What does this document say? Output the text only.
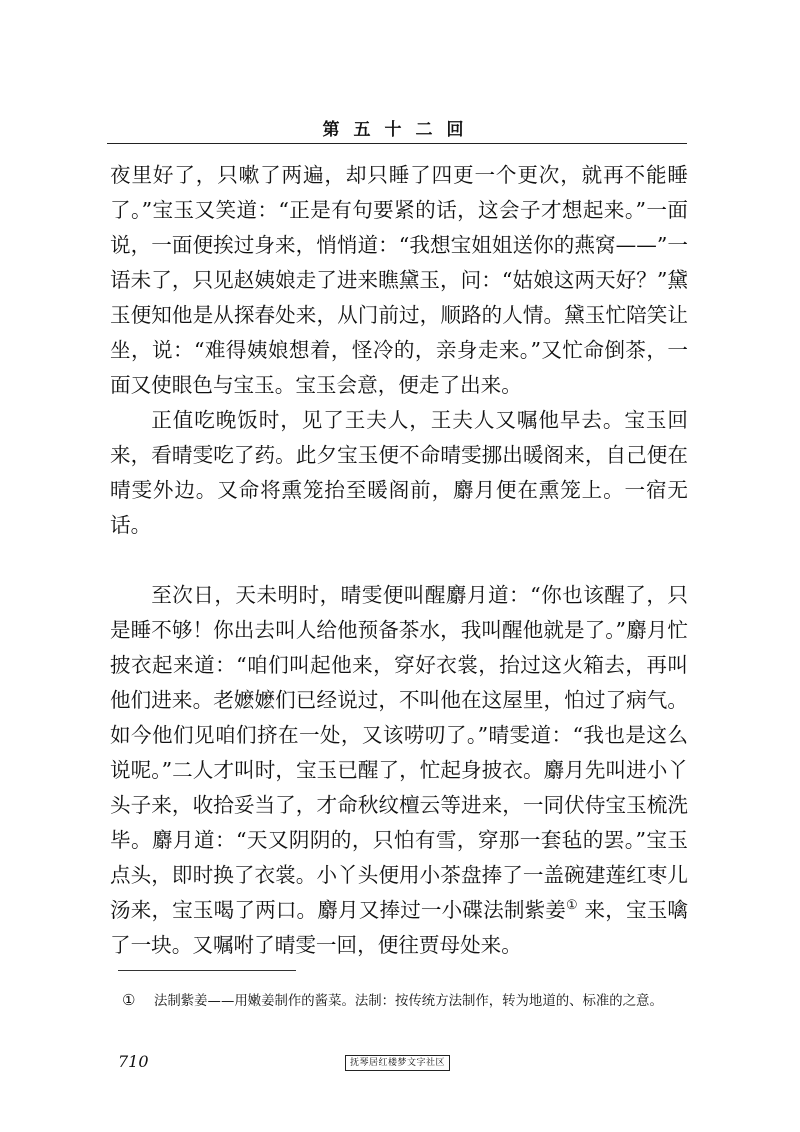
第五十二回

夜里好了，只嗽了两遍，却只睡了四更一个更次，就再不能睡了。”宝玉又笑道：“正是有句要紧的话，这会子才想起来。”一面说，一面便挨过身来，悄悄道：“我想宝姐姐送你的燕窝——”一语未了，只见赵姨娘走了进来瞧黛玉，问：“姑娘这两天好？”黛玉便知他是从探春处来，从门前过，顺路的人情。黛玉忙陪笑让坐，说：“难得姨娘想着，怪冷的，亲身走来。”又忙命倒茶，一面又使眼色与宝玉。宝玉会意，便走了出来。

正值吃晚饭时，见了王夫人，王夫人又嘱他早去。宝玉回来，看晴雯吃了药。此夕宝玉便不命晴雯挪出暖阁来，自己便在晴雯外边。又命将熏笼抬至暖阁前，麝月便在熏笼上。一宿无话。

至次日，天未明时，晴雯便叫醒麝月道：“你也该醒了，只是睡不够！你出去叫人给他预备茶水，我叫醒他就是了。”麝月忙披衣起来道：“咱们叫起他来，穿好衣裳，抬过这火箱去，再叫他们进来。老嬷嬷们已经说过，不叫他在这屋里，怕过了病气。如今他们见咱们挤在一处，又该唠叨了。”晴雯道：“我也是这么说呢。”二人才叫时，宝玉已醒了，忙起身披衣。麝月先叫进小丫头子来，收拾妥当了，才命秋纹檀云等进来，一同伏侍宝玉梳洗毕。麝月道：“天又阴阴的，只怕有雪，穿那一套毡的罢。”宝玉点头，即时换了衣裳。小丫头便用小茶盘捧了一盖碗建莲红枣儿汤来，宝玉喝了两口。麝月又捧过一小碟法制紫姜① 来，宝玉噙了一块。又嘱咐了晴雯一回，便往贾母处来。

① 法制紫姜——用嫩姜制作的酱菜。法制：按传统方法制作，转为地道的、标准的之意。

710	抚琴居红楼梦文字社区
